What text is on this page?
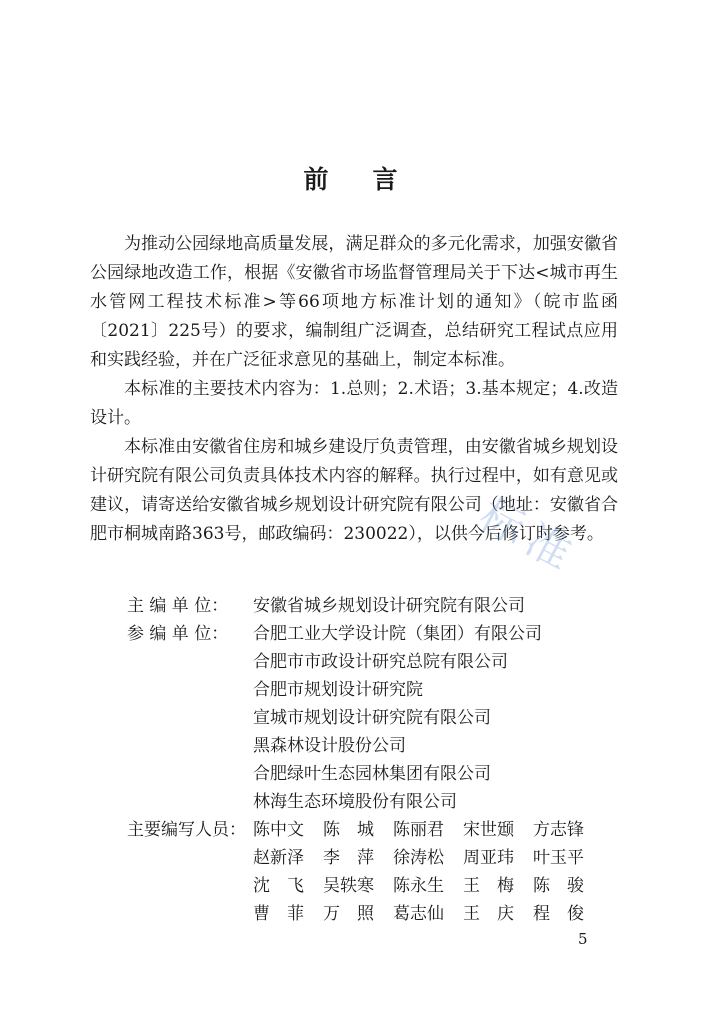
前 言

为推动公园绿地高质量发展，满足群众的多元化需求，加强安徽省公园绿地改造工作，根据《安徽省市场监督管理局关于下达<城市再生水管网工程技术标准>等66项地方标准计划的通知》（皖市监函〔2021〕225号）的要求，编制组广泛调查，总结研究工程试点应用和实践经验，并在广泛征求意见的基础上，制定本标准。

本标准的主要技术内容为：1.总则；2.术语；3.基本规定；4.改造设计。

本标准由安徽省住房和城乡建设厅负责管理，由安徽省城乡规划设计研究院有限公司负责具体技术内容的解释。执行过程中，如有意见或建议，请寄送给安徽省城乡规划设计研究院有限公司（地址：安徽省合肥市桐城南路363号，邮政编码：230022），以供今后修订时参考。

主 编 单 位：	安徽省城乡规划设计研究院有限公司
参 编 单 位：	合肥工业大学设计院（集团）有限公司
合肥市市政设计研究总院有限公司
合肥市规划设计研究院
宣城市规划设计研究院有限公司
黑森林设计股份公司
合肥绿叶生态园林集团有限公司
林海生态环境股份有限公司
主要编写人员： 陈中文	陈　城	陈丽君	宋世颋	方志锋
赵新泽	李　萍	徐涛松	周亚玮	叶玉平
沈　飞	吴轶寒	陈永生	王　梅	陈　骏
曹　菲	万　照	葛志仙	王　庆	程　俊
5
标准
